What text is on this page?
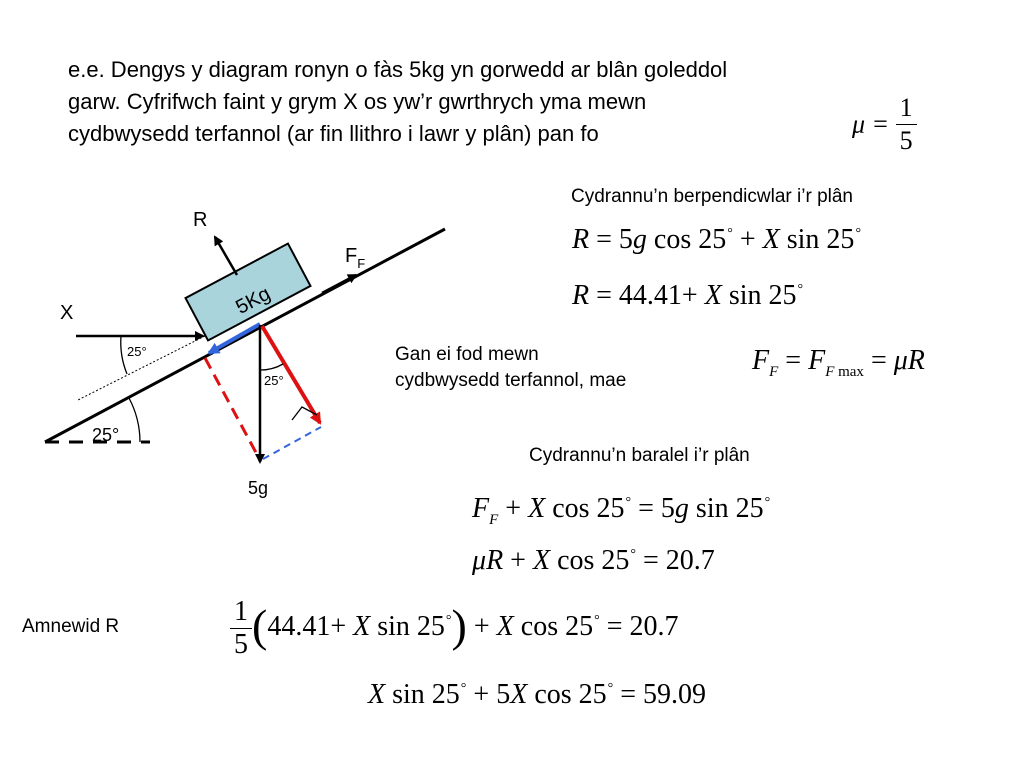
e.e. Dengys y diagram ronyn o fàs 5kg yn gorwedd ar blân goleddol
garw. Cyfrifwch faint y grym X os yw’r gwrthrych yma mewn
cydbwysedd terfannol (ar fin llithro i lawr y plân) pan fo	$\mu = \frac{1}{5}$
5Kg
R
$F_F$
X
25°
25°
5g
25°
Cydrannu’n berpendicwlar i’r plân
Gan ei fod mewn
cydbwysedd terfannol, mae
Cydrannu’n baralel i’r plân
Amnewid R
R = 5g cos 25° + X sin 25°
R = 44.41+ X sin 25°
$F_F = F_F$ $_{max}$ = μR
$F_F + X$ cos 25° = 5g sin 25°
μR + X cos 25° = 20.7
$\frac{1}{5} (44.41+ X$ sin 25°) + X cos 25° = 20.7
X sin 25° + 5X cos 25° = 59.09
